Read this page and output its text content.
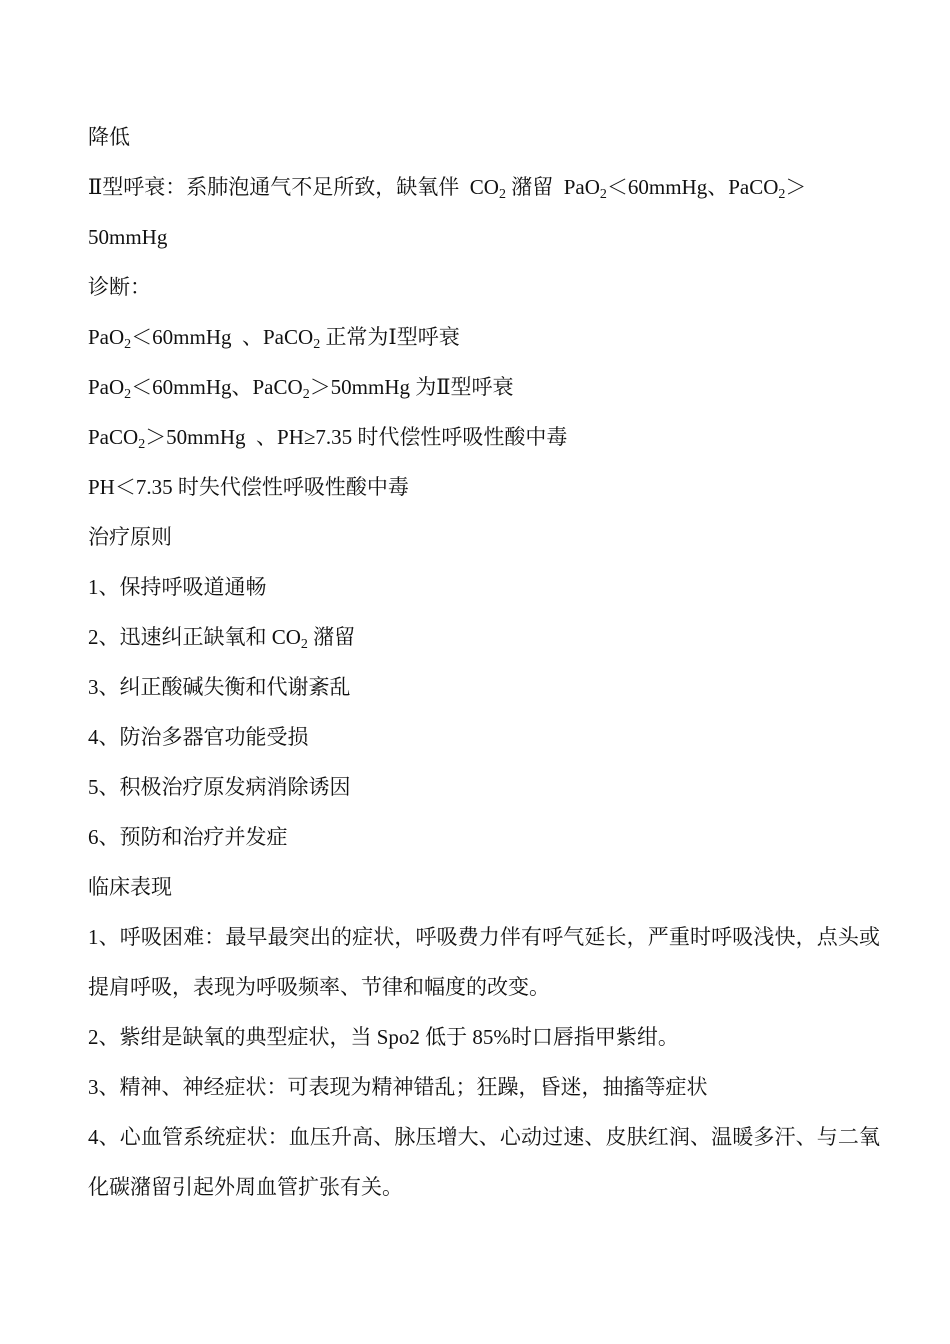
降低
Ⅱ型呼衰：系肺泡通气不足所致，缺氧伴  $CO_2$ 潴留  PaO$_2$＜60mmHg、PaCO$_2$＞
50mmHg
诊断：
PaO$_2$＜60mmHg  、PaCO$_2$ 正常为Ⅰ型呼衰
PaO$_2$＜60mmHg、PaCO$_2$＞50mmHg 为Ⅱ型呼衰
PaCO$_2$＞50mmHg  、PH≥7.35 时代偿性呼吸性酸中毒
PH＜7.35 时失代偿性呼吸性酸中毒
治疗原则
1、保持呼吸道通畅
2、迅速纠正缺氧和 $CO_2$ 潴留
3、纠正酸碱失衡和代谢紊乱
4、防治多器官功能受损
5、积极治疗原发病消除诱因
6、预防和治疗并发症
临床表现
1、呼吸困难：最早最突出的症状，呼吸费力伴有呼气延长，严重时呼吸浅快，点头或提肩呼吸，表现为呼吸频率、节律和幅度的改变。
2、紫绀是缺氧的典型症状，当 Spo2 低于 85%时口唇指甲紫绀。
3、精神、神经症状：可表现为精神错乱；狂躁，昏迷，抽搐等症状
4、心血管系统症状：血压升高、脉压增大、心动过速、皮肤红润、温暖多汗、与二氧化碳潴留引起外周血管扩张有关。
